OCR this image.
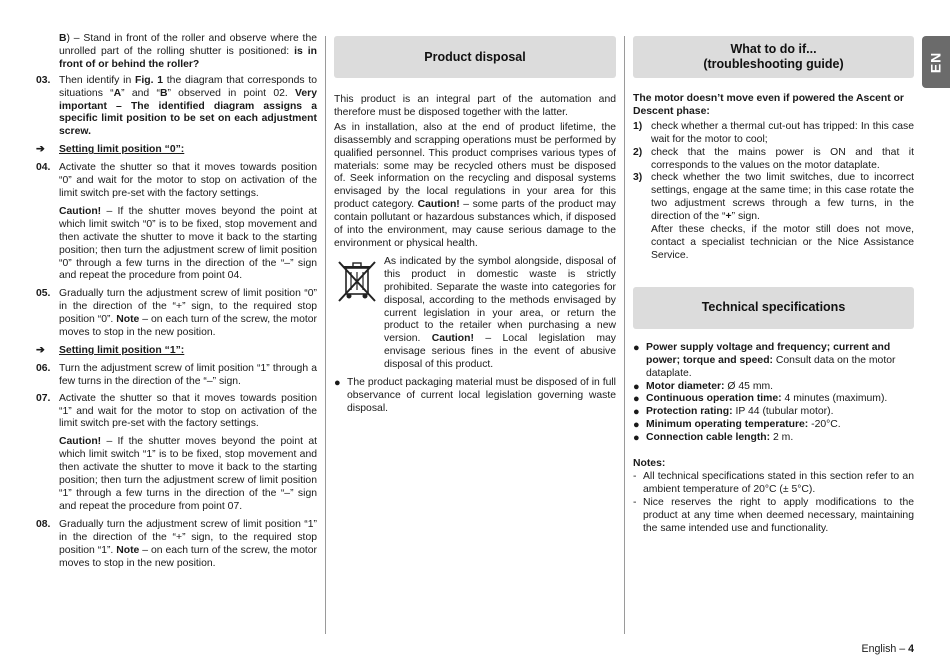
EN
B) – Stand in front of the roller and observe where the unrolled part of the rolling shutter is positioned: is in front of or behind the roller?
03. Then identify in Fig. 1 the diagram that corresponds to situations “A” and “B” observed in point 02. Very important – The identified diagram assigns a specific limit position to be set on each adjustment screw.
➔	Setting limit position “0”:
04. Activate the shutter so that it moves towards position “0” and wait for the motor to stop on activation of the limit switch pre-set with the factory settings.
Caution! – If the shutter moves beyond the point at which limit switch “0” is to be fixed, stop movement and then activate the shutter to move it back to the starting position; then turn the adjustment screw of limit position “0” through a few turns in the direction of the “–” sign and repeat the procedure from point 04.
05. Gradually turn the adjustment screw of limit position “0” in the direction of the “+” sign, to the required stop position “0”. Note – on each turn of the screw, the motor moves to stop in the new position.
➔	Setting limit position “1”:
06. Turn the adjustment screw of limit position “1” through a few turns in the direction of the “–” sign.
07. Activate the shutter so that it moves towards position “1” and wait for the motor to stop on activation of the limit switch pre-set with the factory settings.
Caution! – If the shutter moves beyond the point at which limit switch “1” is to be fixed, stop movement and then activate the shutter to move it back to the starting position; then turn the adjustment screw of limit position “1” through a few turns in the direction of the “–” sign and repeat the procedure from point 07.
08. Gradually turn the adjustment screw of limit position “1” in the direction of the “+” sign, to the required stop position “1”. Note – on each turn of the screw, the motor moves to stop in the new position.
Product disposal
This product is an integral part of the automation and therefore must be disposed together with the latter.
As in installation, also at the end of product lifetime, the disassembly and scrapping operations must be performed by qualified personnel. This product comprises various types of materials: some may be recycled others must be disposed of. Seek information on the recycling and disposal systems envisaged by the local regulations in your area for this product category. Caution! – some parts of the product may contain pollutant or hazardous substances which, if disposed of into the environment, may cause serious damage to the environment or physical health.
As indicated by the symbol alongside, disposal of this product in domestic waste is strictly prohibited. Separate the waste into categories for disposal, according to the methods envisaged by current legislation in your area, or return the product to the retailer when purchasing a new version. Caution! – Local legislation may envisage serious fines in the event of abusive disposal of this product.
● The product packaging material must be disposed of in full observance of current local legislation governing waste disposal.
What to do if...
(troubleshooting guide)
The motor doesn’t move even if powered the Ascent or Descent phase:
1) check whether a thermal cut-out has tripped: In this case wait for the motor to cool;
2) check that the mains power is ON and that it corresponds to the values on the motor dataplate.
3) check whether the two limit switches, due to incorrect settings, engage at the same time; in this case rotate the two adjustment screws through a few turns, in the direction of the “+” sign.
After these checks, if the motor still does not move, contact a specialist technician or the Nice Assistance Service.
Technical specifications
● Power supply voltage and frequency; current and power; torque and speed: Consult data on the motor dataplate.
● Motor diameter: Ø 45 mm.
● Continuous operation time: 4 minutes (maximum).
● Protection rating: IP 44 (tubular motor).
● Minimum operating temperature: -20°C.
● Connection cable length: 2 m.
Notes:
- All technical specifications stated in this section refer to an ambient temperature of 20°C (± 5°C).
- Nice reserves the right to apply modifications to the product at any time when deemed necessary, maintaining the same intended use and functionality.
English – 4
